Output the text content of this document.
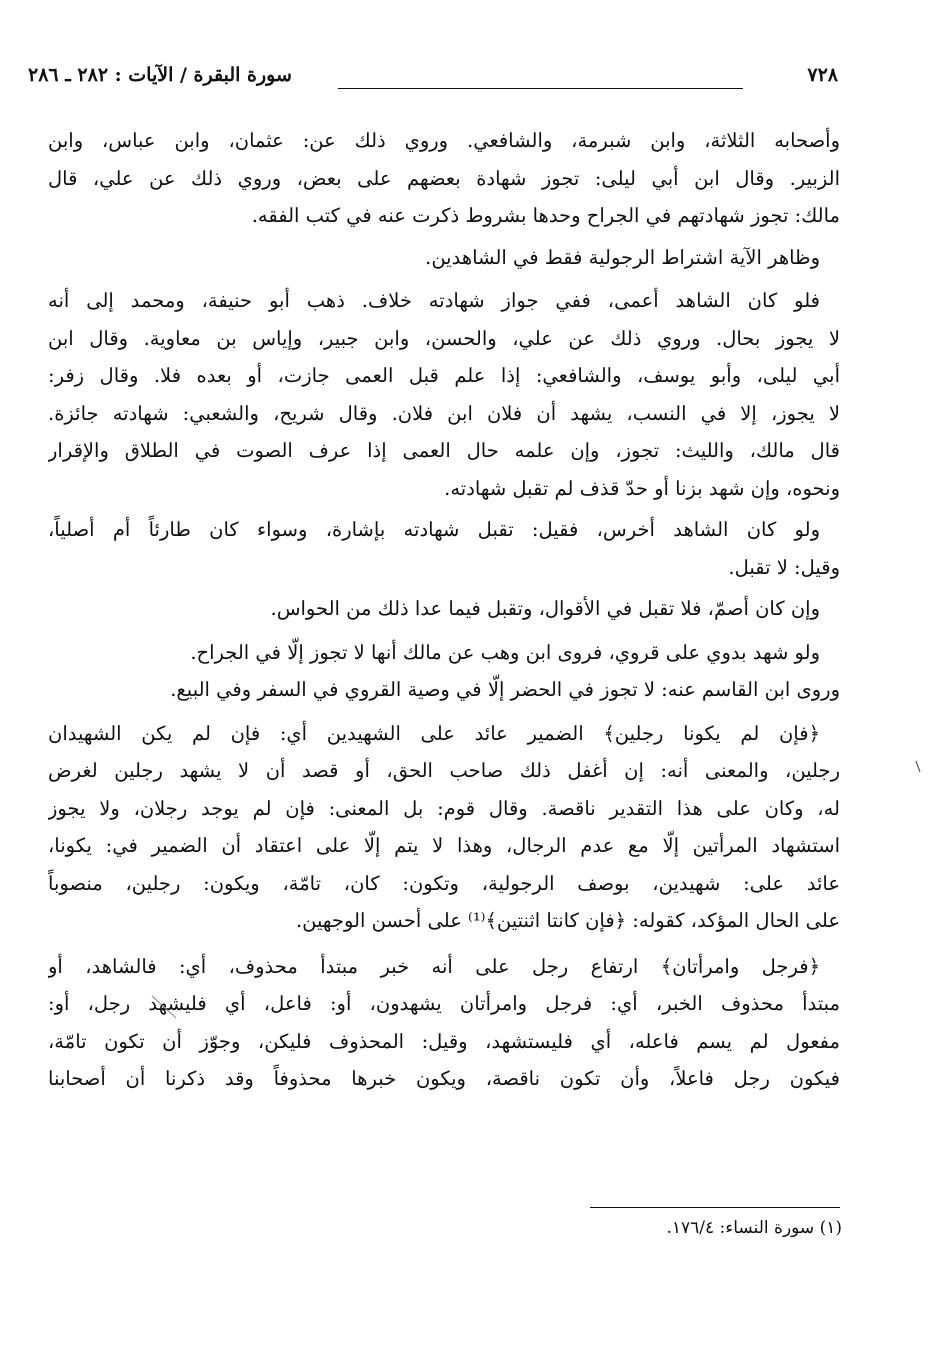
٧٢٨
سورة البقرة / الآيات : ٢٨٢ ـ ٢٨٦
وأصحابه الثلاثة، وابن شبرمة، والشافعي. وروي ذلك عن: عثمان، وابن عباس، وابن
الزبير. وقال ابن أبي ليلى: تجوز شهادة بعضهم على بعض، وروي ذلك عن علي، قال
مالك: تجوز شهادتهم في الجراح وحدها بشروط ذكرت عنه في كتب الفقه.
وظاهر الآية اشتراط الرجولية فقط في الشاهدين.
فلو كان الشاهد أعمى، ففي جواز شهادته خلاف. ذهب أبو حنيفة، ومحمد إلى أنه
لا يجوز بحال. وروي ذلك عن علي، والحسن، وابن جبير، وإياس بن معاوية. وقال ابن
أبي ليلى، وأبو يوسف، والشافعي: إذا علم قبل العمى جازت، أو بعده فلا. وقال زفر:
لا يجوز، إلا في النسب، يشهد أن فلان ابن فلان. وقال شريح، والشعبي: شهادته جائزة.
قال مالك، والليث: تجوز، وإن علمه حال العمى إذا عرف الصوت في الطلاق والإقرار
ونحوه، وإن شهد بزنا أو حدّ قذف لم تقبل شهادته.
ولو كان الشاهد أخرس، فقيل: تقبل شهادته بإشارة، وسواء كان طارئاً أم أصلياً،
وقيل: لا تقبل.
وإن كان أصمّ، فلا تقبل في الأقوال، وتقبل فيما عدا ذلك من الحواس.
ولو شهد بدوي على قروي، فروى ابن وهب عن مالك أنها لا تجوز إلّا في الجراح.
وروى ابن القاسم عنه: لا تجوز في الحضر إلّا في وصية القروي في السفر وفي البيع.
﴿فإن لم يكونا رجلين﴾ الضمير عائد على الشهيدين أي: فإن لم يكن الشهيدان
رجلين، والمعنى أنه: إن أغفل ذلك صاحب الحق، أو قصد أن لا يشهد رجلين لغرض
له، وكان على هذا التقدير ناقصة. وقال قوم: بل المعنى: فإن لم يوجد رجلان، ولا يجوز
استشهاد المرأتين إلّا مع عدم الرجال، وهذا لا يتم إلّا على اعتقاد أن الضمير في: يكونا،
عائد على: شهيدين، بوصف الرجولية، وتكون: كان، تامّة، ويكون: رجلين، منصوباً
على الحال المؤكد، كقوله: ﴿فإن كانتا اثنتين﴾⁽¹⁾ على أحسن الوجهين.
﴿فرجل وامرأتان﴾ ارتفاع رجل على أنه خبر مبتدأ محذوف، أي: فالشاهد، أو
مبتدأ محذوف الخبر، أي: فرجل وامرأتان يشهدون، أو: فاعل، أي فليشهد رجل، أو:
مفعول لم يسم فاعله، أي فليستشهد، وقيل: المحذوف فليكن، وجوّز أن تكون تامّة،
فيكون رجل فاعلاً، وأن تكون ناقصة، ويكون خبرها محذوفاً وقد ذكرنا أن أصحابنا
(١) سورة النساء: ١٧٦/٤.
